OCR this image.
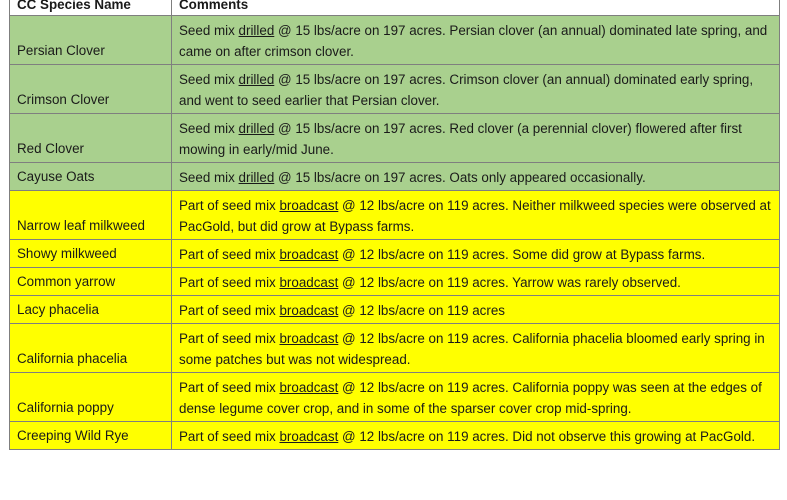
CC Species Name	Comments
Persian Clover	Seed mix drilled @ 15 lbs/acre on 197 acres. Persian clover (an annual) dominated late spring, and came on after crimson clover.
Crimson Clover	Seed mix drilled @ 15 lbs/acre on 197 acres. Crimson clover (an annual) dominated early spring, and went to seed earlier that Persian clover.
Red Clover	Seed mix drilled @ 15 lbs/acre on 197 acres. Red clover (a perennial clover) flowered after first mowing in early/mid June.
Cayuse Oats	Seed mix drilled @ 15 lbs/acre on 197 acres. Oats only appeared occasionally.
Narrow leaf milkweed	Part of seed mix broadcast @ 12 lbs/acre on 119 acres. Neither milkweed species were observed at PacGold, but did grow at Bypass farms.
Showy milkweed	Part of seed mix broadcast @ 12 lbs/acre on 119 acres. Some did grow at Bypass farms.
Common yarrow	Part of seed mix broadcast @ 12 lbs/acre on 119 acres. Yarrow was rarely observed.
Lacy phacelia	Part of seed mix broadcast @ 12 lbs/acre on 119 acres
California phacelia	Part of seed mix broadcast @ 12 lbs/acre on 119 acres. California phacelia bloomed early spring in some patches but was not widespread.
California poppy	Part of seed mix broadcast @ 12 lbs/acre on 119 acres. California poppy was seen at the edges of dense legume cover crop, and in some of the sparser cover crop mid-spring.
Creeping Wild Rye	Part of seed mix broadcast @ 12 lbs/acre on 119 acres. Did not observe this growing at PacGold.
